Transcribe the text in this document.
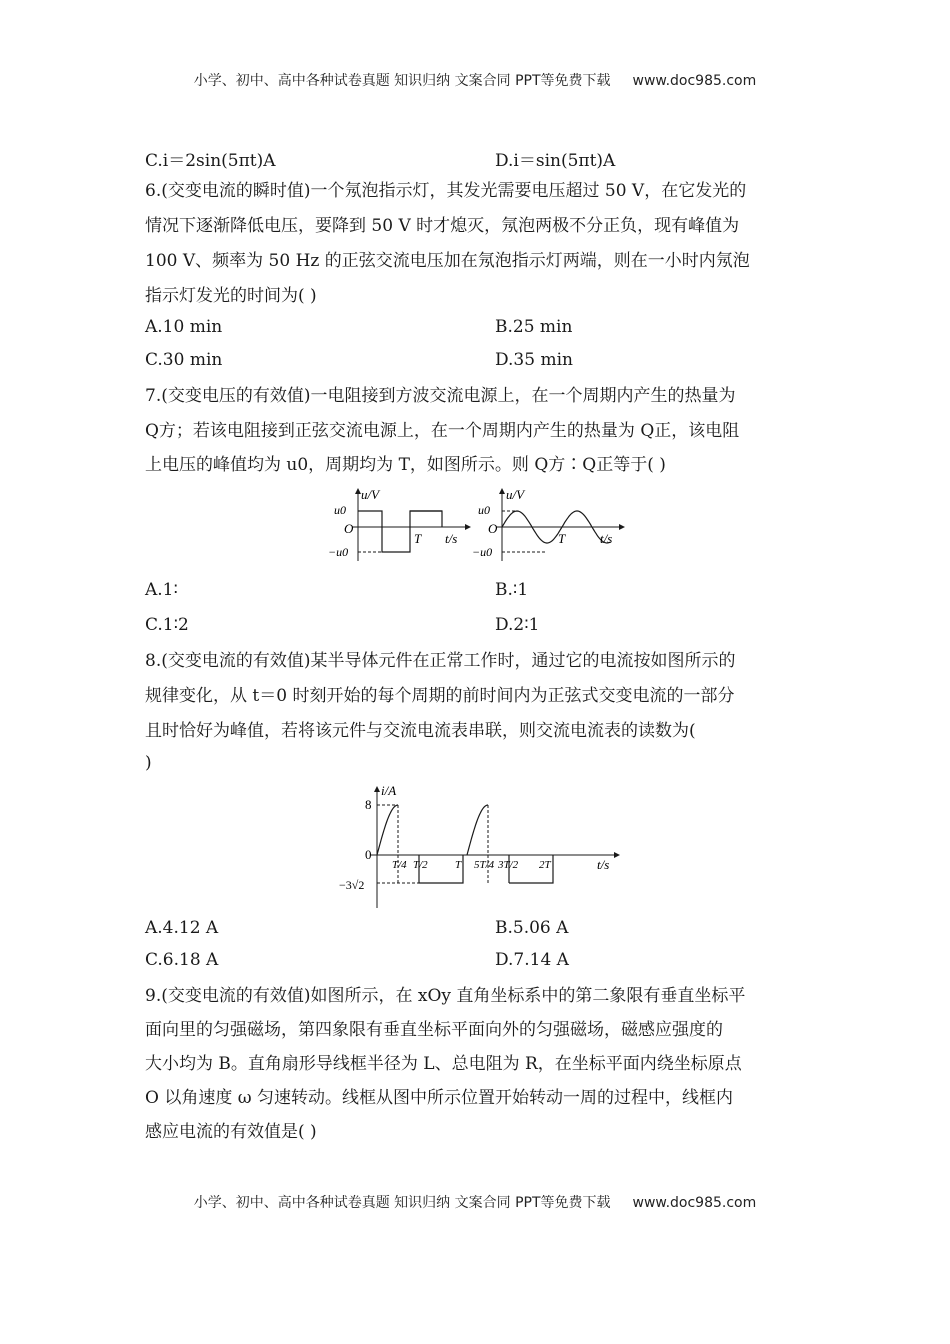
小学、初中、高中各种试卷真题 知识归纳 文案合同 PPT等免费下载 www.doc985.com
C.i＝2sin(5πt)A	D.i＝sin(5πt)A
6.(交变电流的瞬时值)一个氖泡指示灯，其发光需要电压超过 50 V，在它发光的
情况下逐渐降低电压，要降到 50 V 时才熄灭，氖泡两极不分正负，现有峰值为
100 V、频率为 50 Hz 的正弦交流电压加在氖泡指示灯两端，则在一小时内氖泡
指示灯发光的时间为( )
A.10 min	B.25 min
C.30 min	D.35 min
7.(交变电压的有效值)一电阻接到方波交流电源上，在一个周期内产生的热量为
Q方；若该电阻接到正弦交流电源上，在一个周期内产生的热量为 Q正，该电阻
上电压的峰值均为 u0，周期均为 T，如图所示。则 Q方∶Q正等于( )
u/V
u0
O
−u0
T t/s
u/V
u0
O
−u0
T	t/s
A.1∶	B.∶1
C.1∶2	D.2∶1
8.(交变电流的有效值)某半导体元件在正常工作时，通过它的电流按如图所示的
规律变化，从 t＝0 时刻开始的每个周期的前时间内为正弦式交变电流的一部分
且时恰好为峰值，若将该元件与交流电流表串联，则交流电流表的读数为(
)
i/A
8
0
−3√2
t/s
T/4 T/2 T 5T/4 3T/2 2T
A.4.12 A	B.5.06 A
C.6.18 A	D.7.14 A
9.(交变电流的有效值)如图所示，在 xOy 直角坐标系中的第二象限有垂直坐标平
面向里的匀强磁场，第四象限有垂直坐标平面向外的匀强磁场，磁感应强度的
大小均为 B。直角扇形导线框半径为 L、总电阻为 R，在坐标平面内绕坐标原点
O 以角速度 ω 匀速转动。线框从图中所示位置开始转动一周的过程中，线框内
感应电流的有效值是( )
小学、初中、高中各种试卷真题 知识归纳 文案合同 PPT等免费下载 www.doc985.com
